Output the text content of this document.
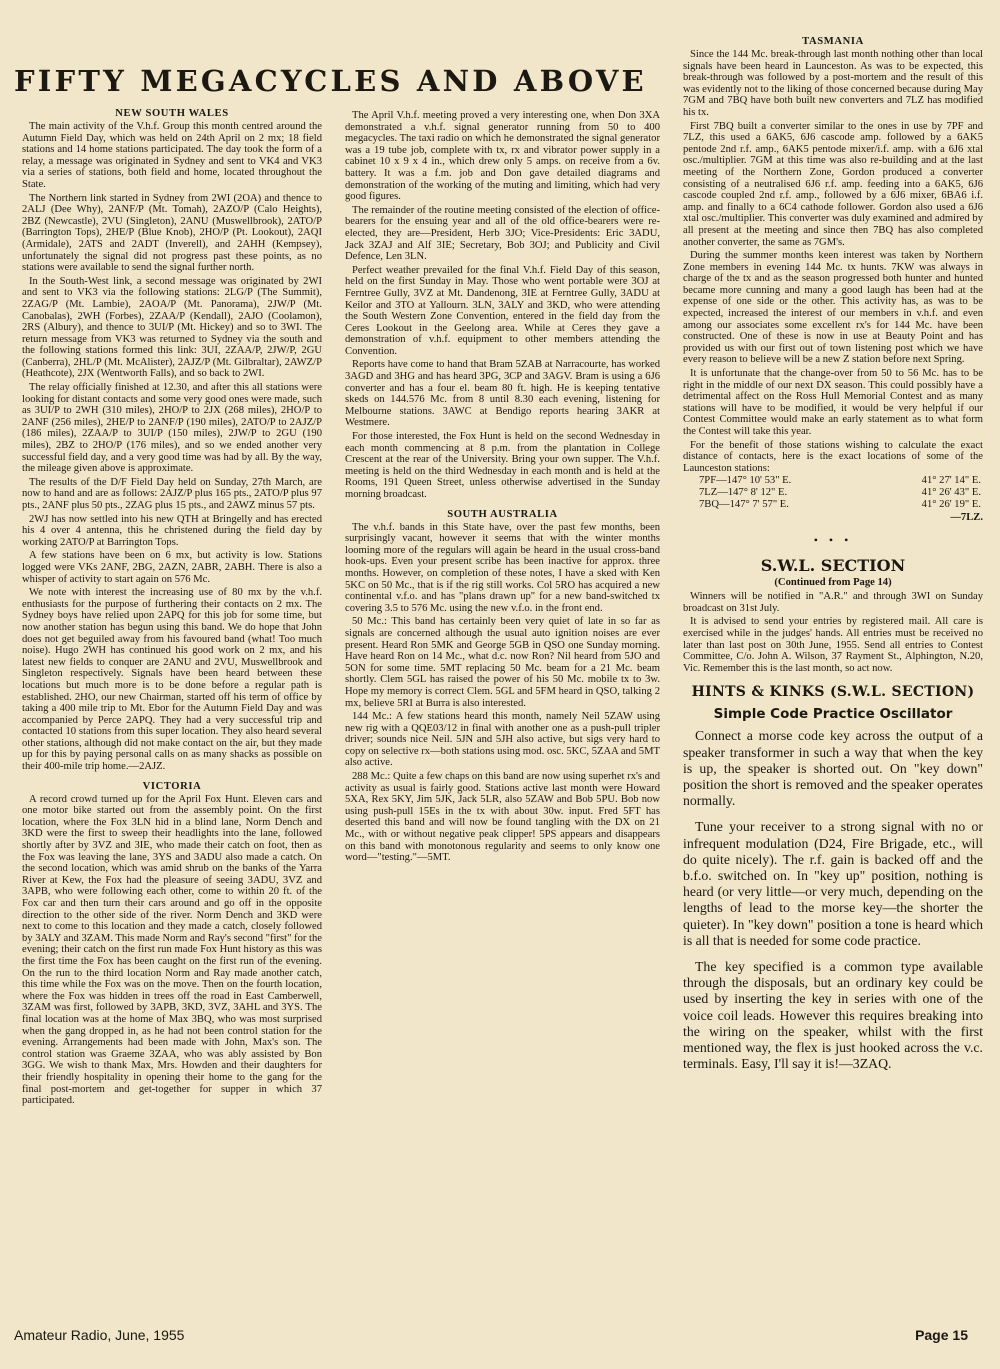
FIFTY MEGACYCLES AND ABOVE
NEW SOUTH WALES

The main activity of the V.h.f. Group this month centred around the Autumn Field Day, which was held on 24th April on 2 mx; 18 field stations and 14 home stations participated. The day took the form of a relay, a message was originated in Sydney and sent to VK4 and VK3 via a series of stations, both field and home, located throughout the State.

The Northern link started in Sydney from 2WI (2OA) and thence to 2ALJ (Dee Why), 2ANF/P (Mt. Tomah), 2AZO/P (Calo Heights), 2BZ (Newcastle), 2VU (Singleton), 2ANU (Muswellbrook), 2ATO/P (Barrington Tops), 2HE/P (Blue Knob), 2HO/P (Pt. Lookout), 2AQI (Armidale), 2ATS and 2ADT (Inverell), and 2AHH (Kempsey), unfortunately the signal did not progress past these points, as no stations were available to send the signal further north.

In the South-West link, a second message was originated by 2WI and sent to VK3 via the following stations: 2LG/P (The Summit), 2ZAG/P (Mt. Lambie), 2AOA/P (Mt. Panorama), 2JW/P (Mt. Canobalas), 2WH (Forbes), 2ZAA/P (Kendall), 2AJO (Coolamon), 2RS (Albury), and thence to 3UI/P (Mt. Hickey) and so to 3WI. The return message from VK3 was returned to Sydney via the south and the following stations formed this link: 3UI, 2ZAA/P, 2JW/P, 2GU (Canberra), 2HL/P (Mt. McAlister), 2AJZ/P (Mt. Gilbraltar), 2AWZ/P (Heathcote), 2JX (Wentworth Falls), and so back to 2WI.

The relay officially finished at 12.30, and after this all stations were looking for distant contacts and some very good ones were made, such as 3UI/P to 2WH (310 miles), 2HO/P to 2JX (268 miles), 2HO/P to 2ANF (256 miles), 2HE/P to 2ANF/P (190 miles), 2ATO/P to 2AJZ/P (186 miles), 2ZAA/P to 3UI/P (150 miles), 2JW/P to 2GU (190 miles), 2BZ to 2HO/P (176 miles), and so we ended another very successful field day, and a very good time was had by all. By the way, the mileage given above is approximate.

The results of the D/F Field Day held on Sunday, 27th March, are now to hand and are as follows: 2AJZ/P plus 165 pts., 2ATO/P plus 97 pts., 2ANF plus 50 pts., 2ZAG plus 15 pts., and 2AWZ minus 57 pts.

2WJ has now settled into his new QTH at Bringelly and has erected his 4 over 4 antenna, this he christened during the field day by working 2ATO/P at Barrington Tops.

A few stations have been on 6 mx, but activity is low. Stations logged were VKs 2ANF, 2BG, 2AZN, 2ABR, 2ABH. There is also a whisper of activity to start again on 576 Mc.

We note with interest the increasing use of 80 mx by the v.h.f. enthusiasts for the purpose of furthering their contacts on 2 mx. The Sydney boys have relied upon 2APQ for this job for some time, but now another station has begun using this band. We do hope that John does not get beguiled away from his favoured band (what! Too much noise). Hugo 2WH has continued his good work on 2 mx, and his latest new fields to conquer are 2ANU and 2VU, Muswellbrook and Singleton respectively. Signals have been heard between these locations but much more is to be done before a regular path is established. 2HO, our new Chairman, started off his term of office by taking a 400 mile trip to Mt. Ebor for the Autumn Field Day and was accompanied by Perce 2APQ. They had a very successful trip and contacted 10 stations from this super location. They also heard several other stations, although did not make contact on the air, but they made up for this by paying personal calls on as many shacks as possible on their 400-mile trip home.—2AJZ.

VICTORIA

A record crowd turned up for the April Fox Hunt. Eleven cars and one motor bike started out from the assembly point. On the first location, where the Fox 3LN hid in a blind lane, Norm Dench and 3KD were the first to sweep their headlights into the lane, followed shortly after by 3VZ and 3IE, who made their catch on foot, then as the Fox was leaving the lane, 3YS and 3ADU also made a catch. On the second location, which was amid shrub on the banks of the Yarra River at Kew, the Fox had the pleasure of seeing 3ADU, 3VZ and 3APB, who were following each other, come to within 20 ft. of the Fox car and then turn their cars around and go off in the opposite direction to the other side of the river. Norm Dench and 3KD were next to come to this location and they made a catch, closely followed by 3ALY and 3ZAM. This made Norm and Ray's second "first" for the evening; their catch on the first run made Fox Hunt history as this was the first time the Fox has been caught on the first run of the evening. On the run to the third location Norm and Ray made another catch, this time while the Fox was on the move. Then on the fourth location, where the Fox was hidden in trees off the road in East Camberwell, 3ZAM was first, followed by 3APB, 3KD, 3VZ, 3AHL and 3YS. The final location was at the home of Max 3BQ, who was most surprised when the gang dropped in, as he had not been control station for the evening. Arrangements had been made with John, Max's son. The control station was Graeme 3ZAA, who was ably assisted by Bon 3GG. We wish to thank Max, Mrs. Howden and their daughters for their friendly hospitality in opening their home to the gang for the final post-mortem and get-together for supper in which 37 participated.

The April V.h.f. meeting proved a very interesting one, when Don 3XA demonstrated a v.h.f. signal generator running from 50 to 400 megacycles. The taxi radio on which he demonstrated the signal generator was a 19 tube job, complete with tx, rx and vibrator power supply in a cabinet 10 x 9 x 4 in., which drew only 5 amps. on receive from a 6v. battery. It was a f.m. job and Don gave detailed diagrams and demonstration of the working of the muting and limiting, which had very good figures.

The remainder of the routine meeting consisted of the election of office-bearers for the ensuing year and all of the old office-bearers were re-elected, they are—President, Herb 3JO; Vice-Presidents: Eric 3ADU, Jack 3ZAJ and Alf 3IE; Secretary, Bob 3OJ; and Publicity and Civil Defence, Len 3LN.

Perfect weather prevailed for the final V.h.f. Field Day of this season, held on the first Sunday in May. Those who went portable were 3OJ at Ferntree Gully, 3VZ at Mt. Dandenong, 3IE at Ferntree Gully, 3ADU at Keilor and 3TO at Yallourn. 3LN, 3ALY and 3KD, who were attending the South Western Zone Convention, entered in the field day from the Ceres Lookout in the Geelong area. While at Ceres they gave a demonstration of v.h.f. equipment to other members attending the Convention.

Reports have come to hand that Bram 5ZAB at Narracourte, has worked 3AGD and 3HG and has heard 3PG, 3CP and 3AGV. Bram is using a 6J6 converter and has a four el. beam 80 ft. high. He is keeping tentative skeds on 144.576 Mc. from 8 until 8.30 each evening, listening for Melbourne stations. 3AWC at Bendigo reports hearing 3AKR at Westmere.

For those interested, the Fox Hunt is held on the second Wednesday in each month commencing at 8 p.m. from the plantation in College Crescent at the rear of the University. Bring your own supper. The V.h.f. meeting is held on the third Wednesday in each month and is held at the Rooms, 191 Queen Street, unless otherwise advertised in the Sunday morning broadcast.

SOUTH AUSTRALIA

The v.h.f. bands in this State have, over the past few months, been surprisingly vacant, however it seems that with the winter months looming more of the regulars will again be heard in the usual cross-band hook-ups. Even your present scribe has been inactive for approx. three months. However, on completion of these notes, I have a sked with Ken 5KC on 50 Mc., that is if the rig still works. Col 5RO has acquired a new continental v.f.o. and has "plans drawn up" for a new band-switched tx covering 3.5 to 576 Mc. using the new v.f.o. in the front end.

50 Mc.: This band has certainly been very quiet of late in so far as signals are concerned although the usual auto ignition noises are ever present. Heard Ron 5MK and George 5GB in QSO one Sunday morning. Have heard Ron on 14 Mc., what d.c. now Ron? Nil heard from 5JO and 5ON for some time. 5MT replacing 50 Mc. beam for a 21 Mc. beam shortly. Clem 5GL has raised the power of his 50 Mc. mobile tx to 3w. Hope my memory is correct Clem. 5GL and 5FM heard in QSO, talking 2 mx, believe 5RI at Burra is also interested.

144 Mc.: A few stations heard this month, namely Neil 5ZAW using new rig with a QQE03/12 in final with another one as a push-pull tripler driver; sounds nice Neil. 5JN and 5JH also active, but sigs very hard to copy on selective rx—both stations using mod. osc. 5KC, 5ZAA and 5MT also active.

288 Mc.: Quite a few chaps on this band are now using superhet rx's and activity as usual is fairly good. Stations active last month were Howard 5XA, Rex 5KY, Jim 5JK, Jack 5LR, also 5ZAW and Bob 5PU. Bob now using push-pull 15Es in the tx with about 30w. input. Fred 5FT has deserted this band and will now be found tangling with the DX on 21 Mc., with or without negative peak clipper! 5PS appears and disappears on this band with monotonous regularity and seems to only know one word—"testing."—5MT.

TASMANIA

Since the 144 Mc. break-through last month nothing other than local signals have been heard in Launceston. As was to be expected, this break-through was followed by a post-mortem and the result of this was evidently not to the liking of those concerned because during May 7GM and 7BQ have both built new converters and 7LZ has modified his tx.

First 7BQ built a converter similar to the ones in use by 7PF and 7LZ, this used a 6AK5, 6J6 cascode amp. followed by a 6AK5 pentode 2nd r.f. amp., 6AK5 pentode mixer/i.f. amp. with a 6J6 xtal osc./multiplier. 7GM at this time was also re-building and at the last meeting of the Northern Zone, Gordon produced a converter consisting of a neutralised 6J6 r.f. amp. feeding into a 6AK5, 6J6 cascode coupled 2nd r.f. amp., followed by a 6J6 mixer, 6BA6 i.f. amp. and finally to a 6C4 cathode follower. Gordon also used a 6J6 xtal osc./multiplier. This converter was duly examined and admired by all present at the meeting and since then 7BQ has also completed another converter, the same as 7GM's.

During the summer months keen interest was taken by Northern Zone members in evening 144 Mc. tx hunts. 7KW was always in charge of the tx and as the season progressed both hunter and hunted became more cunning and many a good laugh has been had at the expense of one side or the other. This activity has, as was to be expected, increased the interest of our members in v.h.f. and even among our associates some excellent rx's for 144 Mc. have been constructed. One of these is now in use at Beauty Point and has provided us with our first out of town listening post which we have every reason to believe will be a new Z station before next Spring.

It is unfortunate that the change-over from 50 to 56 Mc. has to be right in the middle of our next DX season. This could possibly have a detrimental affect on the Ross Hull Memorial Contest and as many stations will have to be modified, it would be very helpful if our Contest Committee would make an early statement as to what form the Contest will take this year.

For the benefit of those stations wishing to calculate the exact distance of contacts, here is the exact locations of some of the Launceston stations:

7PF—147° 10' 53" E.	41° 27' 14" E.
7LZ—147° 8' 12" E.	41° 26' 43" E.
7BQ—147° 7' 57" E.	41° 26' 19" E.
—7LZ.
• • •
S.W.L. SECTION
(Continued from Page 14)

Winners will be notified in "A.R." and through 3WI on Sunday broadcast on 31st July.

It is advised to send your entries by registered mail. All care is exercised while in the judges' hands. All entries must be received no later than last post on 30th June, 1955. Send all entries to Contest Committee, C/o. John A. Wilson, 37 Rayment St., Alphington, N.20, Vic. Remember this is the last month, so act now.

HINTS & KINKS (S.W.L. SECTION)
Simple Code Practice Oscillator

Connect a morse code key across the output of a speaker transformer in such a way that when the key is up, the speaker is shorted out. On "key down" position the short is removed and the speaker operates normally.

Tune your receiver to a strong signal with no or infrequent modulation (D24, Fire Brigade, etc., will do quite nicely). The r.f. gain is backed off and the b.f.o. switched on. In "key up" position, nothing is heard (or very little—or very much, depending on the lengths of lead to the morse key—the shorter the quieter). In "key down" position a tone is heard which is all that is needed for some code practice.

The key specified is a common type available through the disposals, but an ordinary key could be used by inserting the key in series with one of the voice coil leads. However this requires breaking into the wiring on the speaker, whilst with the first mentioned way, the flex is just hooked across the v.c. terminals. Easy, I'll say it is!—3ZAQ.

Amateur Radio, June, 1955	Page 15
